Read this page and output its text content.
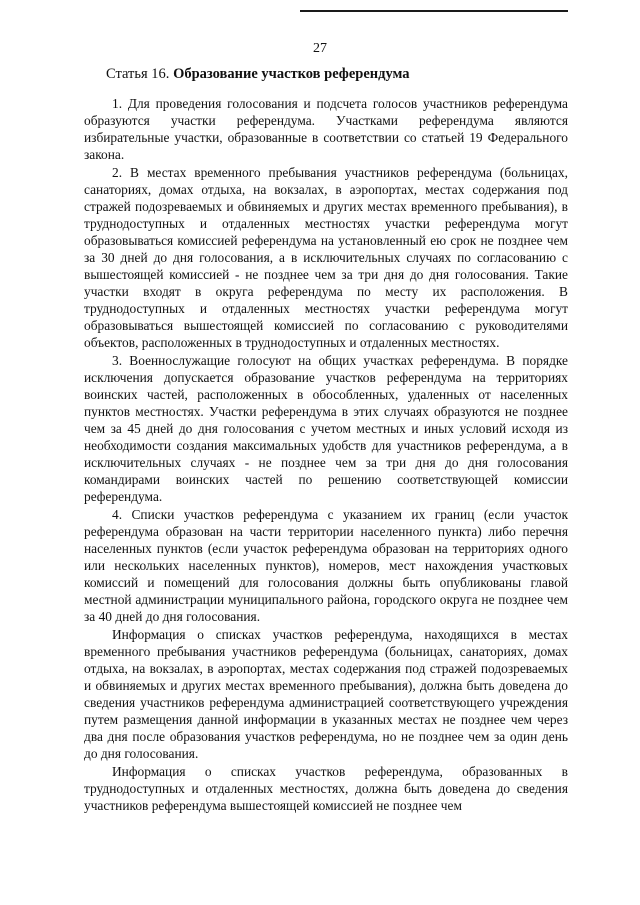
27
Статья 16. Образование участков референдума

1. Для проведения голосования и подсчета голосов участников референдума образуются участки референдума. Участками референдума являются избирательные участки, образованные в соответствии со статьей 19 Федерального закона.

2. В местах временного пребывания участников референдума (больницах, санаториях, домах отдыха, на вокзалах, в аэропортах, местах содержания под стражей подозреваемых и обвиняемых и других местах временного пребывания), в труднодоступных и отдаленных местностях участки референдума могут образовываться комиссией референдума на установленный ею срок не позднее чем за 30 дней до дня голосования, а в исключительных случаях по согласованию с вышестоящей комиссией - не позднее чем за три дня до дня голосования. Такие участки входят в округа референдума по месту их расположения. В труднодоступных и отдаленных местностях участки референдума могут образовываться вышестоящей комиссией по согласованию с руководителями объектов, расположенных в труднодоступных и отдаленных местностях.

3. Военнослужащие голосуют на общих участках референдума. В порядке исключения допускается образование участков референдума на территориях воинских частей, расположенных в обособленных, удаленных от населенных пунктов местностях. Участки референдума в этих случаях образуются не позднее чем за 45 дней до дня голосования с учетом местных и иных условий исходя из необходимости создания максимальных удобств для участников референдума, а в исключительных случаях - не позднее чем за три дня до дня голосования командирами воинских частей по решению соответствующей комиссии референдума.

4. Списки участков референдума с указанием их границ (если участок референдума образован на части территории населенного пункта) либо перечня населенных пунктов (если участок референдума образован на территориях одного или нескольких населенных пунктов), номеров, мест нахождения участковых комиссий и помещений для голосования должны быть опубликованы главой местной администрации муниципального района, городского округа не позднее чем за 40 дней до дня голосования.

Информация о списках участков референдума, находящихся в местах временного пребывания участников референдума (больницах, санаториях, домах отдыха, на вокзалах, в аэропортах, местах содержания под стражей подозреваемых и обвиняемых и других местах временного пребывания), должна быть доведена до сведения участников референдума администрацией соответствующего учреждения путем размещения данной информации в указанных местах не позднее чем через два дня после образования участков референдума, но не позднее чем за один день до дня голосования.

Информация о списках участков референдума, образованных в труднодоступных и отдаленных местностях, должна быть доведена до сведения участников референдума вышестоящей комиссией не позднее чем
